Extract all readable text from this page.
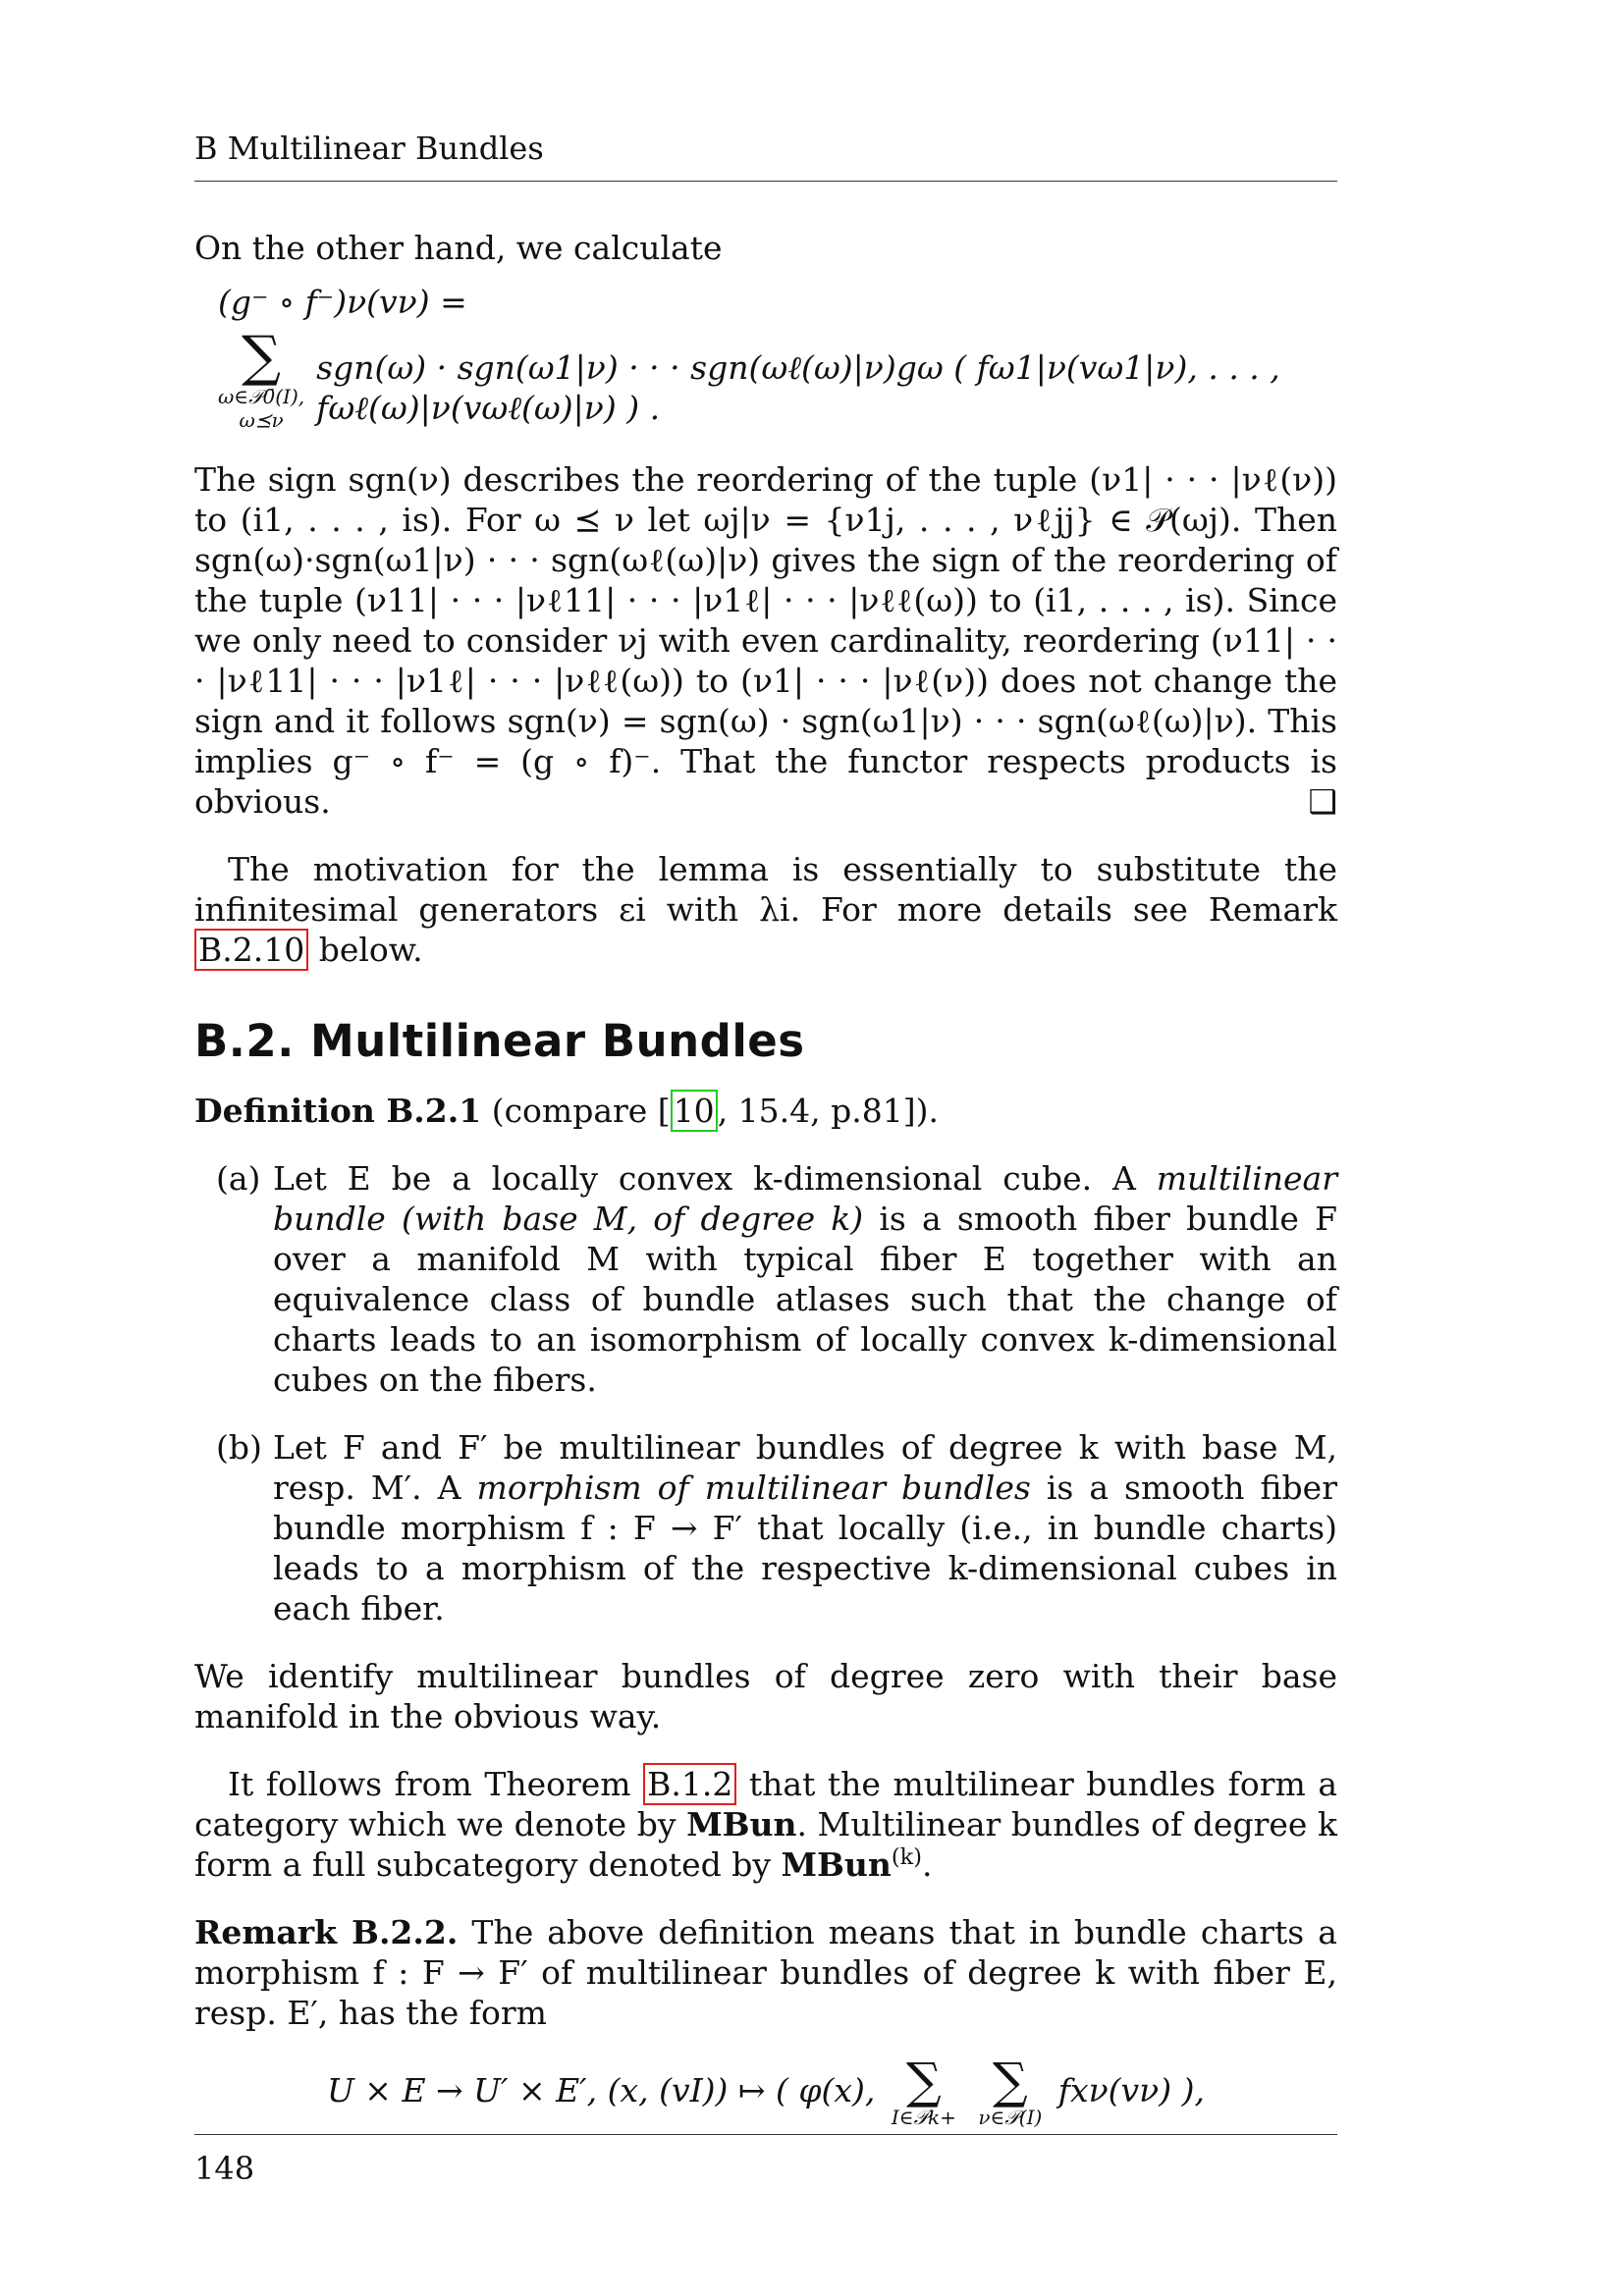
B Multilinear Bundles

On the other hand, we calculate

(g⁻ ∘ f⁻)ν(vν) =
∑
ω∈𝒫0̄(I),
ω⪯ν
sgn(ω) · sgn(ω1|ν) · · · sgn(ωℓ(ω)|ν)gω ( fω1|ν(vω1|ν), . . . , fωℓ(ω)|ν(vωℓ(ω)|ν) ) .

The sign sgn(ν) describes the reordering of the tuple (ν1| · · · |νℓ(ν)) to (i1, . . . , is). For ω ⪯ ν let ωj|ν = {ν1j, . . . , νℓjj} ∈ 𝒫(ωj). Then sgn(ω)·sgn(ω1|ν) · · · sgn(ωℓ(ω)|ν) gives the sign of the reordering of the tuple (ν11| · · · |νℓ11| · · · |ν1ℓ| · · · |νℓℓ(ω)) to (i1, . . . , is). Since we only need to consider νj with even cardinality, reordering (ν11| · · · |νℓ11| · · · |ν1ℓ| · · · |νℓℓ(ω)) to (ν1| · · · |νℓ(ν)) does not change the sign and it follows sgn(ν) = sgn(ω) · sgn(ω1|ν) · · · sgn(ωℓ(ω)|ν). This implies g⁻ ∘ f⁻ = (g ∘ f)⁻. That the functor respects products is obvious.	❑

The motivation for the lemma is essentially to substitute the infinitesimal generators εi with λi. For more details see Remark B.2.10 below.

B.2. Multilinear Bundles

Definition B.2.1 (compare [10, 15.4, p.81]).

(a) Let E be a locally convex k-dimensional cube. A multilinear bundle (with base M, of degree k) is a smooth fiber bundle F over a manifold M with typical fiber E together with an equivalence class of bundle atlases such that the change of charts leads to an isomorphism of locally convex k-dimensional cubes on the fibers.
(b) Let F and F′ be multilinear bundles of degree k with base M, resp. M′. A morphism of multilinear bundles is a smooth fiber bundle morphism f : F → F′ that locally (i.e., in bundle charts) leads to a morphism of the respective k-dimensional cubes in each fiber.

We identify multilinear bundles of degree zero with their base manifold in the obvious way.

It follows from Theorem B.1.2 that the multilinear bundles form a category which we denote by MBun. Multilinear bundles of degree k form a full subcategory denoted by MBun$^{(k)}$.

Remark B.2.2. The above definition means that in bundle charts a morphism f : F → F′ of multilinear bundles of degree k with fiber E, resp. E′, has the form

U × E → U′ × E′, (x, (vI)) ↦ ( φ(x), ∑
I∈𝒫k+

∑
ν∈𝒫(I)
fxν(vν) ),
148
